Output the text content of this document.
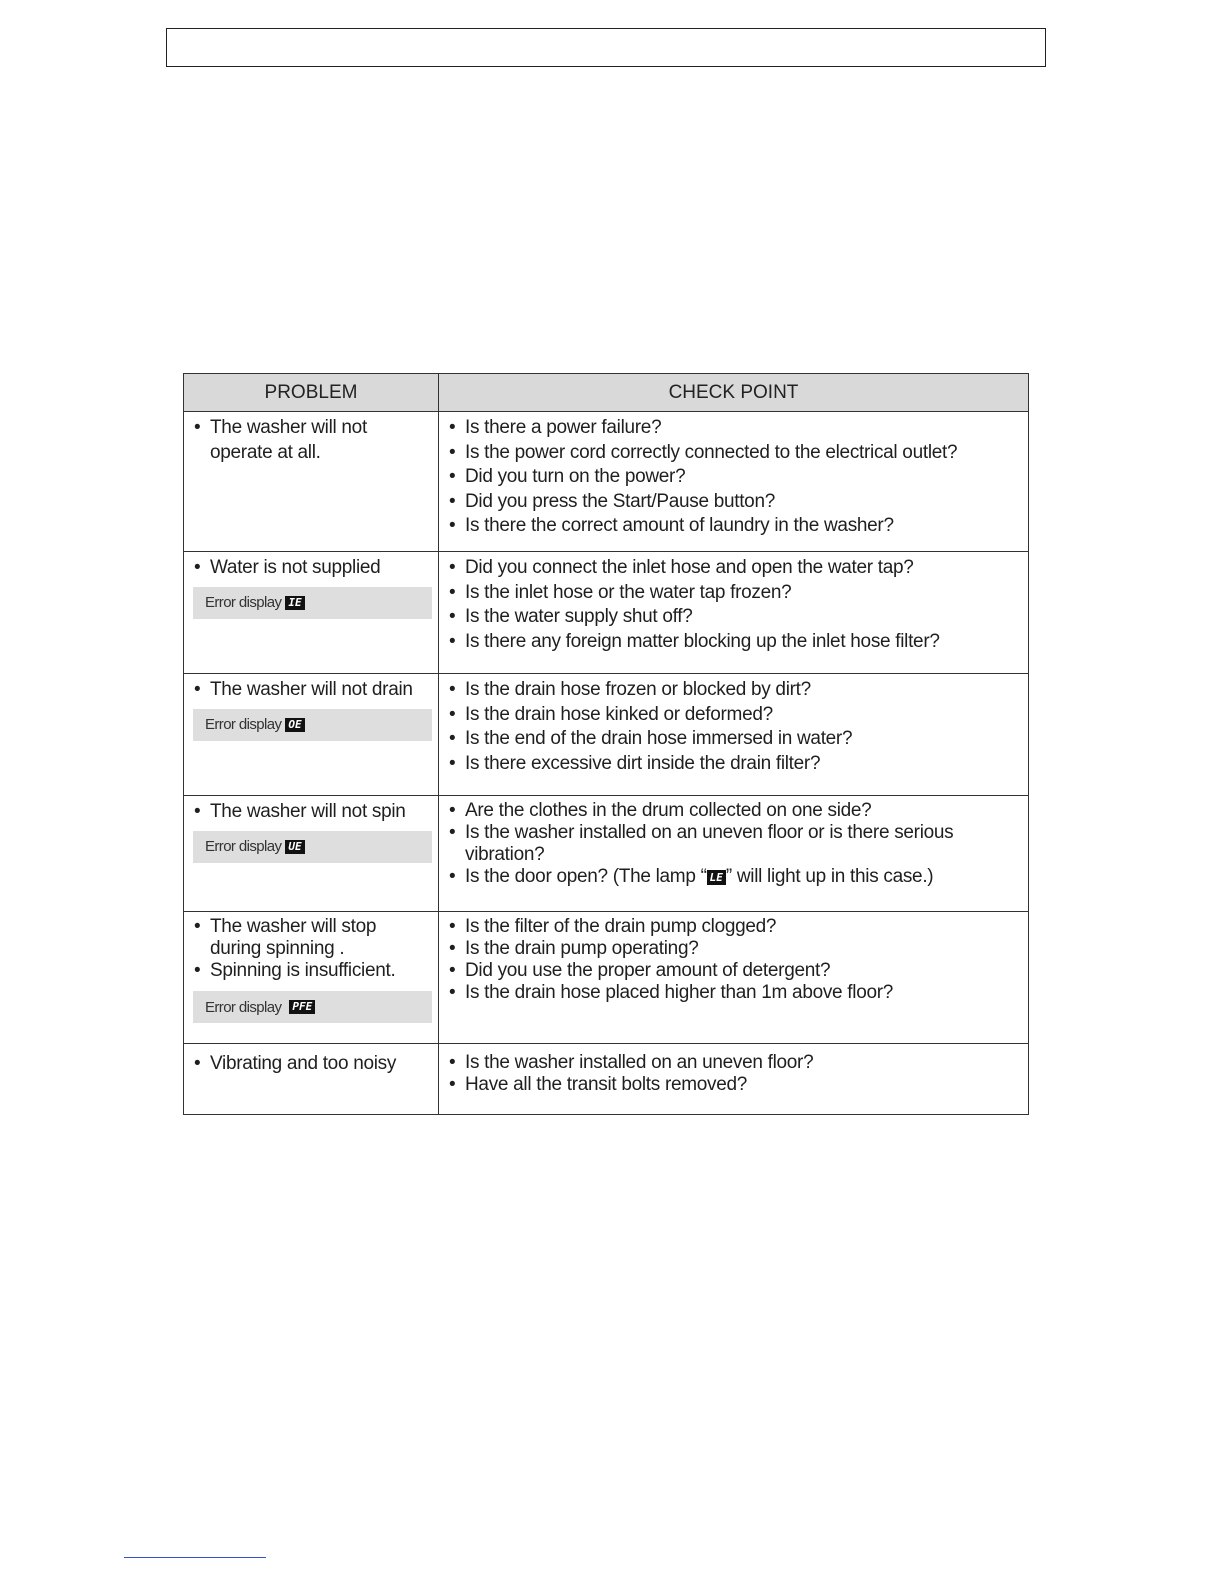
PROBLEM	CHECK POINT
• The washer will not operate at all.
• Is there a power failure?
• Is the power cord correctly connected to the electrical outlet?
• Did you turn on the power?
• Did you press the Start/Pause button?
• Is there the correct amount of laundry in the washer?
• Water is not supplied
Error display IE
• Did you connect the inlet hose and open the water tap?
• Is the inlet hose or the water tap frozen?
• Is the water supply shut off?
• Is there any foreign matter blocking up the inlet hose filter?
• The washer will not drain
Error display OE
• Is the drain hose frozen or blocked by dirt?
• Is the drain hose kinked or deformed?
• Is the end of the drain hose immersed in water?
• Is there excessive dirt inside the drain filter?
• The washer will not spin
Error display UE
• Are the clothes in the drum collected on one side?
• Is the washer installed on an uneven floor or is there serious vibration?
• Is the door open? (The lamp “ LE ” will light up in this case.)
• The washer will stop during spinning .
• Spinning is insufficient.
Error display PFE
• Is the filter of the drain pump clogged?
• Is the drain pump operating?
• Did you use the proper amount of detergent?
• Is the drain hose placed higher than 1m above floor?
• Vibrating and too noisy	• Is the washer installed on an uneven floor?
• Have all the transit bolts removed?
